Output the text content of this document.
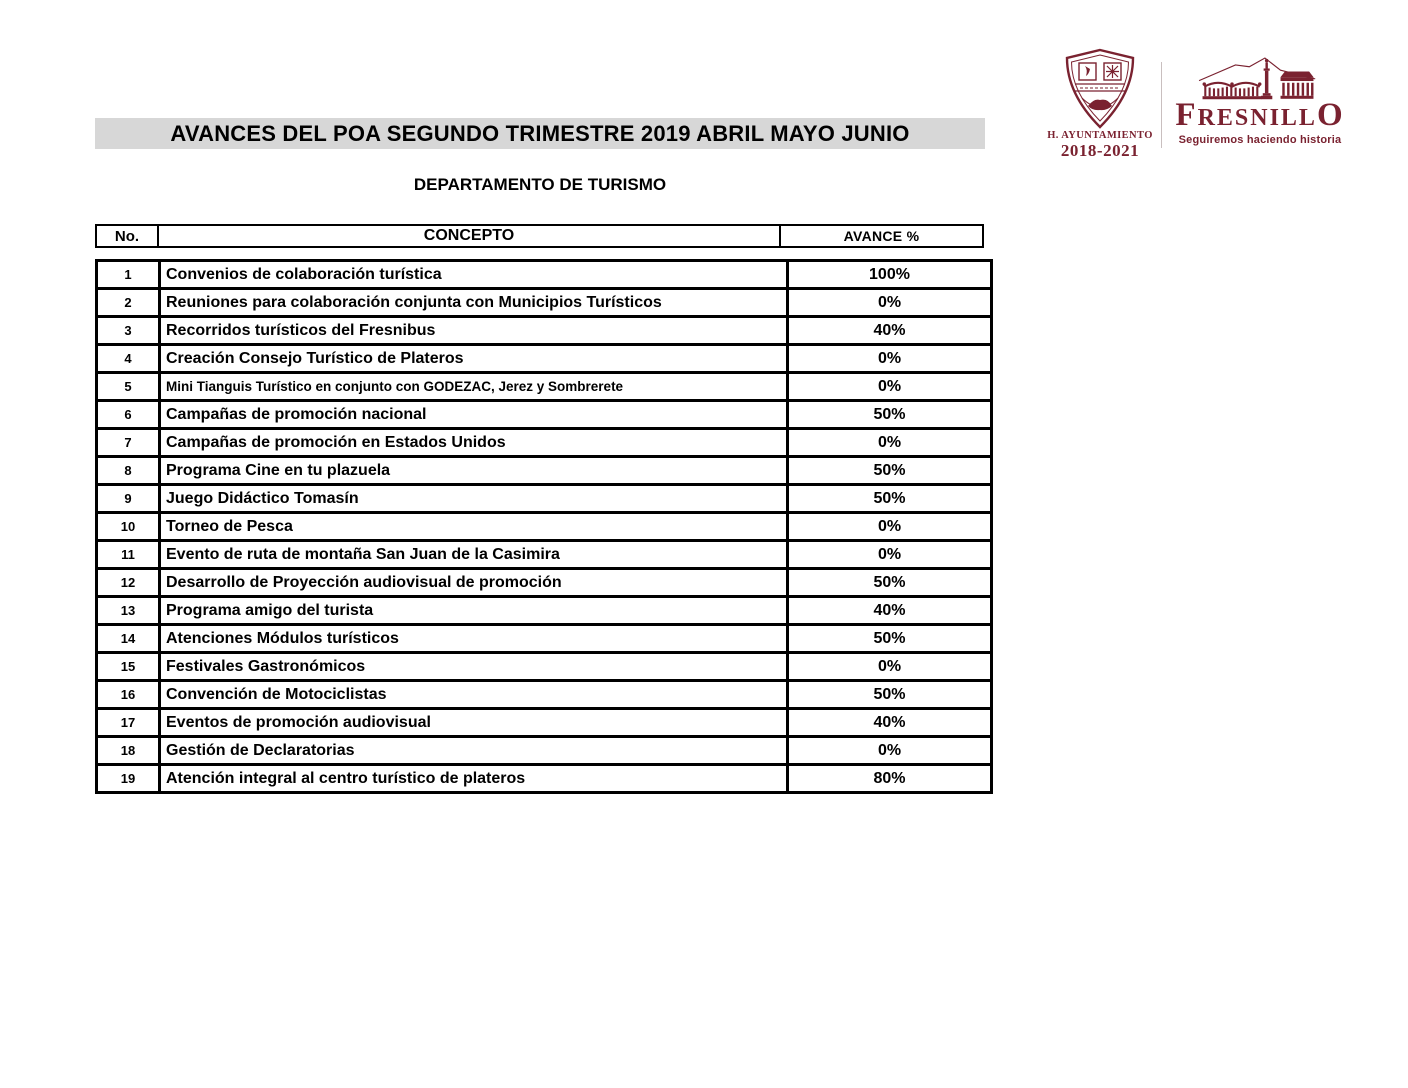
AVANCES DEL POA SEGUNDO TRIMESTRE 2019 ABRIL MAYO JUNIO	H. AYUNTAMIENTO
2018-2021
F RESNILL O
Seguiremos haciendo historia
DEPARTAMENTO DE TURISMO
No.	CONCEPTO	AVANCE %
1	Convenios de colaboración turística	100%
2	Reuniones para colaboración conjunta con Municipios Turísticos	0%
3	Recorridos turísticos del Fresnibus	40%
4	Creación Consejo Turístico de Plateros	0%
5	Mini Tianguis Turístico en conjunto con GODEZAC, Jerez y Sombrerete	0%
6	Campañas de promoción nacional	50%
7	Campañas de promoción en Estados Unidos	0%
8	Programa Cine en tu plazuela	50%
9	Juego Didáctico Tomasín	50%
10	Torneo de Pesca	0%
11	Evento de ruta de montaña San Juan de la Casimira	0%
12	Desarrollo de Proyección audiovisual de promoción	50%
13	Programa amigo del turista	40%
14	Atenciones Módulos turísticos	50%
15	Festivales Gastronómicos	0%
16	Convención de Motociclistas	50%
17	Eventos de promoción audiovisual	40%
18	Gestión de Declaratorias	0%
19	Atención integral al centro turístico de plateros	80%
